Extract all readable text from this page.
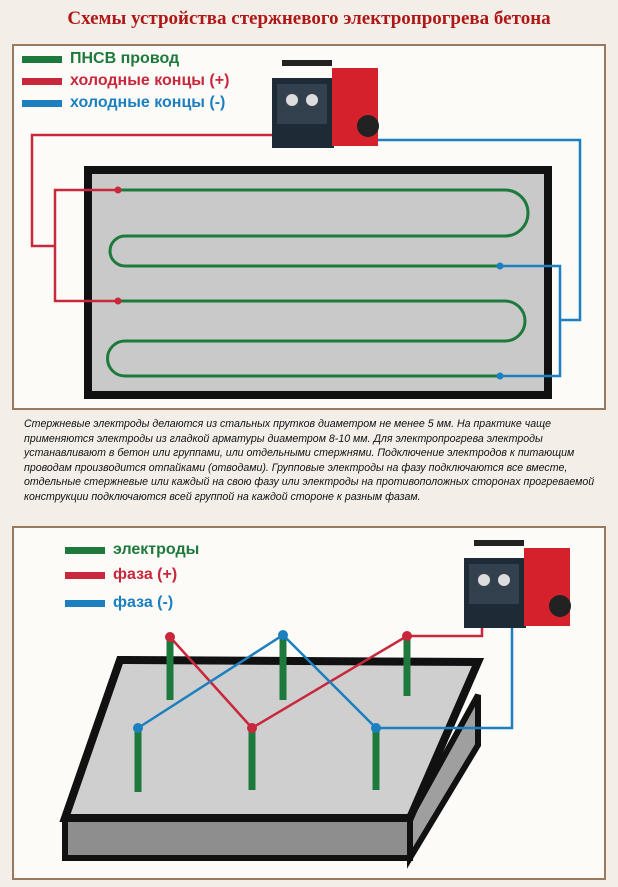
Схемы устройства стержневого электропрогрева бетона
ПНСВ провод
холодные концы (+)
холодные концы (-)
Стержневые электроды делаются из стальных прутков диаметром не менее 5 мм. На практике чаще применяются электроды из гладкой арматуры диаметром 8-10 мм. Для электропрогрева электроды устанавливают в бетон или группами, или отдельными стержнями. Подключение электродов к питающим проводам производится отпайками (отводами). Групповые электроды на фазу подключаются все вместе, отдельные стержневые или каждый на свою фазу или электроды на противоположных сторонах прогреваемой конструкции подключаются всей группой на каждой стороне к разным фазам.
электроды
фаза (+)
фаза (-)
